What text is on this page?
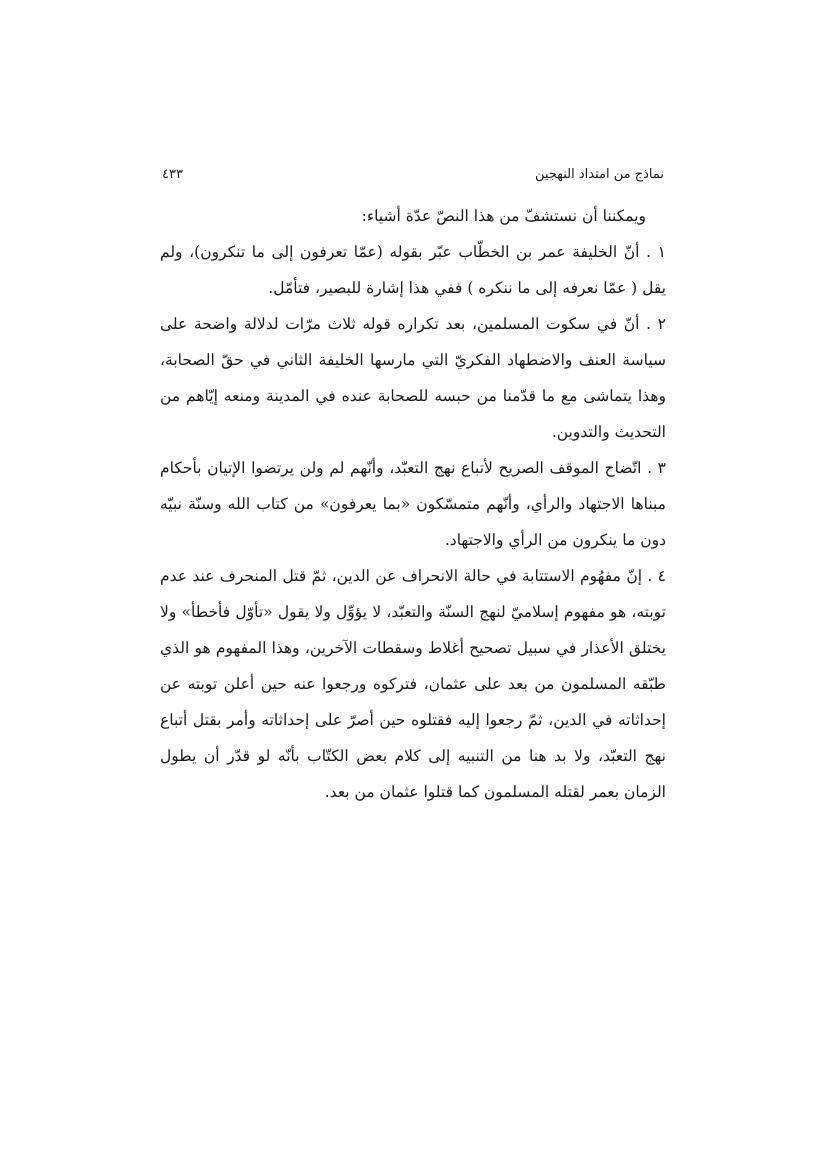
نماذج من امتداد النهجين
٤٣٣

ويمكننا أن نستشفّ من هذا النصّ عدّة أشياء:

١ . أنّ الخليفة عمر بن الخطّاب عبّر بقوله (عمّا تعرفون إلى ما تنكرون)، ولم يقل ( عمّا نعرفه إلى ما ننكره ) ففي هذا إشارة للبصير، فتأمّل.

٢ . أنّ في سكوت المسلمين، بعد تكراره قوله ثلاث مرّات لدلالة واضحة على سياسة العنف والاضطهاد الفكريّ التي مارسها الخليفة الثاني في حقّ الصحابة، وهذا يتماشى مع ما قدّمنا من حبسه للصحابة عنده في المدينة ومنعه إيّاهم من التحديث والتدوين.

٣ . اتّضاح الموقف الصريح لأتباع نهج التعبّد، وأنّهم لم ولن يرتضوا الإتيان بأحكام مبناها الاجتهاد والرأي، وأنّهم متمسّكون «بما يعرفون» من كتاب الله وسنّة نبيّه دون ما ينكرون من الرأي والاجتهاد.

٤ . إنّ مفهُوم الاستتابة في حالة الانحراف عن الدين، ثمّ قتل المنحرف عند عدم توبته، هو مفهوم إسلاميّ لنهج السنّة والتعبّد، لا يؤوِّل ولا يقول «تأوّل فأخطأ» ولا يختلق الأعذار في سبيل تصحيح أغلاط وسقطات الآخرين، وهذا المفهوم هو الذي طبّقه المسلمون من بعد على عثمان، فتركوه ورجعوا عنه حين أعلن توبته عن إحداثاته في الدين، ثمّ رجعوا إليه فقتلوه حين أصرّ على إحداثاته وأمر بقتل أتباع نهج التعبّد، ولا بد هنا من التنبيه إلى كلام بعض الكتّاب بأنّه لو قدّر أن يطول الزمان بعمر لقتله المسلمون كما قتلوا عثمان من بعد.
